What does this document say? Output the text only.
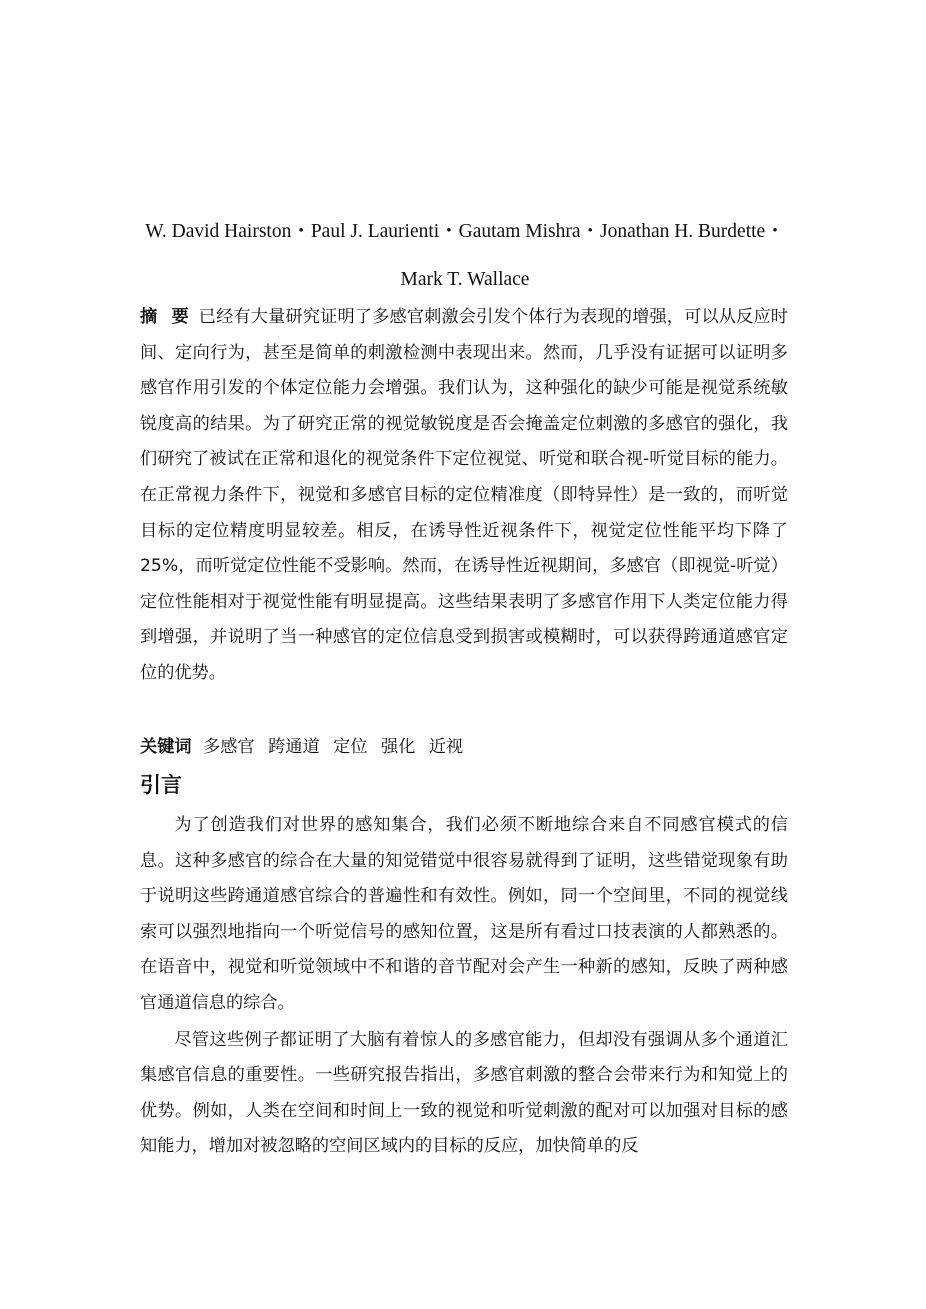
W. David Hairston・Paul J. Laurienti・Gautam Mishra・Jonathan H. Burdette・Mark T. Wallace
摘 要 已经有大量研究证明了多感官刺激会引发个体行为表现的增强，可以从反应时间、定向行为，甚至是简单的刺激检测中表现出来。然而，几乎没有证据可以证明多感官作用引发的个体定位能力会增强。我们认为，这种强化的缺少可能是视觉系统敏锐度高的结果。为了研究正常的视觉敏锐度是否会掩盖定位刺激的多感官的强化，我们研究了被试在正常和退化的视觉条件下定位视觉、听觉和联合视-听觉目标的能力。在正常视力条件下，视觉和多感官目标的定位精准度（即特异性）是一致的，而听觉目标的定位精度明显较差。相反，在诱导性近视条件下，视觉定位性能平均下降了 25%，而听觉定位性能不受影响。然而，在诱导性近视期间，多感官（即视觉-听觉）定位性能相对于视觉性能有明显提高。这些结果表明了多感官作用下人类定位能力得到增强，并说明了当一种感官的定位信息受到损害或模糊时，可以获得跨通道感官定位的优势。
关键词 多感官 跨通道 定位 强化 近视
引言

为了创造我们对世界的感知集合，我们必须不断地综合来自不同感官模式的信息。这种多感官的综合在大量的知觉错觉中很容易就得到了证明，这些错觉现象有助于说明这些跨通道感官综合的普遍性和有效性。例如，同一个空间里，不同的视觉线索可以强烈地指向一个听觉信号的感知位置，这是所有看过口技表演的人都熟悉的。在语音中，视觉和听觉领域中不和谐的音节配对会产生一种新的感知，反映了两种感官通道信息的综合。

尽管这些例子都证明了大脑有着惊人的多感官能力，但却没有强调从多个通道汇集感官信息的重要性。一些研究报告指出，多感官刺激的整合会带来行为和知觉上的优势。例如，人类在空间和时间上一致的视觉和听觉刺激的配对可以加强对目标的感知能力，增加对被忽略的空间区域内的目标的反应，加快简单的反
